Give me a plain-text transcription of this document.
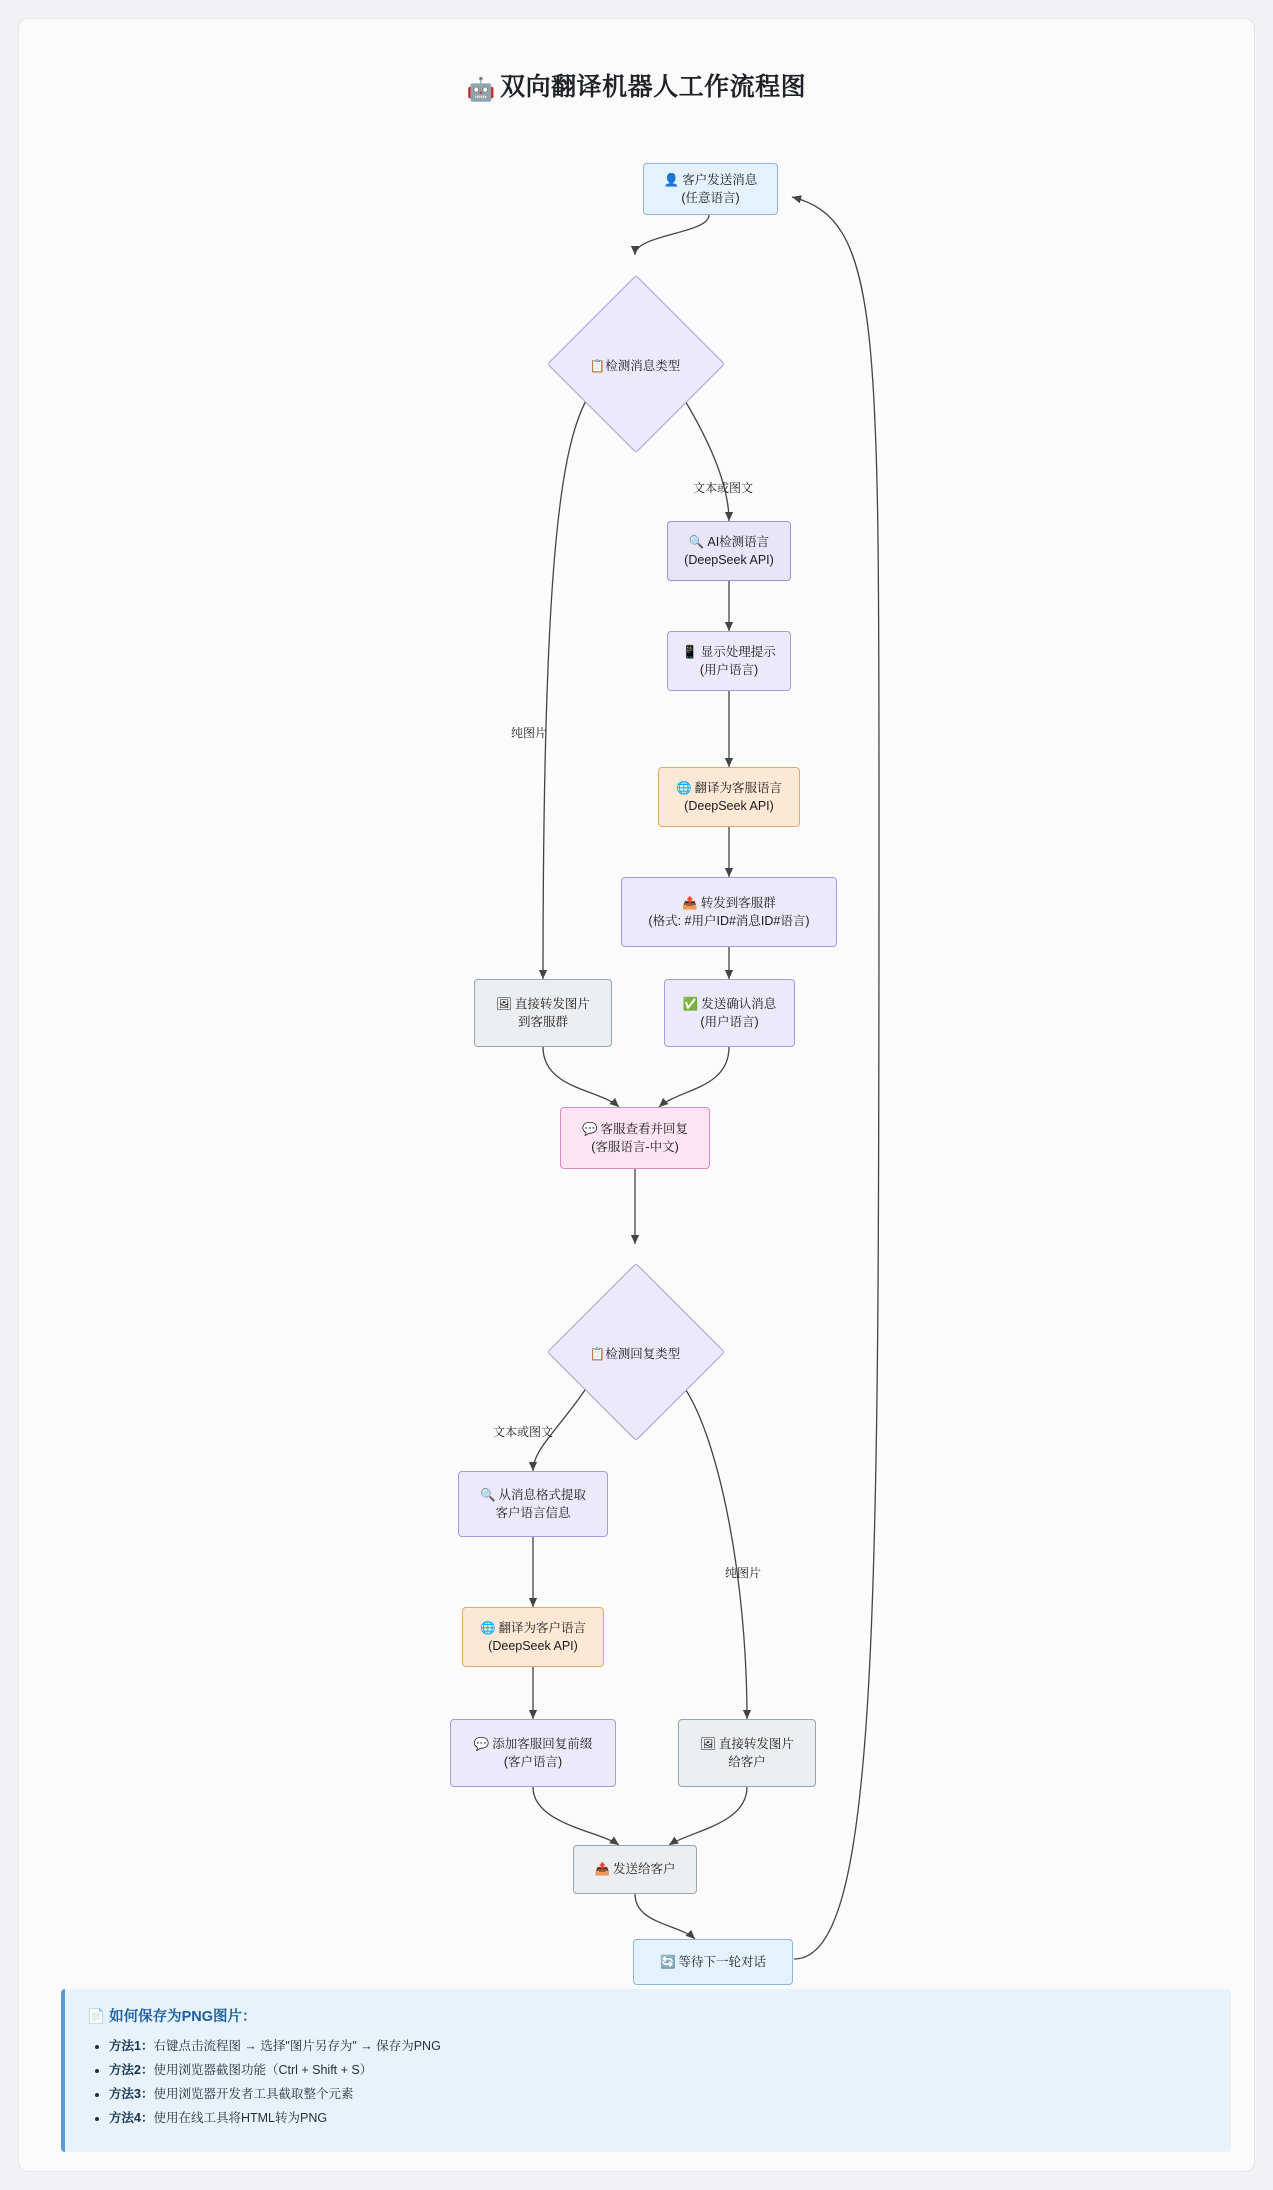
🤖 双向翻译机器人工作流程图
👤 客户发送消息
(任意语言)
📋检测消息类型
文本或图文
纯图片
🔍 AI检测语言
(DeepSeek API)
📱 显示处理提示
(用户语言)
🌐 翻译为客服语言
(DeepSeek API)
📤 转发到客服群
(格式: #用户ID#消息ID#语言)
🖼 直接转发图片
到客服群
✅ 发送确认消息
(用户语言)
💬 客服查看并回复
(客服语言-中文)
📋检测回复类型
文本或图文
纯图片
🔍 从消息格式提取
客户语言信息
🌐 翻译为客户语言
(DeepSeek API)
💬 添加客服回复前缀
(客户语言)
🖼 直接转发图片
给客户
📤 发送给客户
🔄 等待下一轮对话
📄 如何保存为PNG图片：
• 方法1：右键点击流程图 → 选择"图片另存为" → 保存为PNG
• 方法2：使用浏览器截图功能（Ctrl + Shift + S）
• 方法3：使用浏览器开发者工具截取整个元素
• 方法4：使用在线工具将HTML转为PNG
